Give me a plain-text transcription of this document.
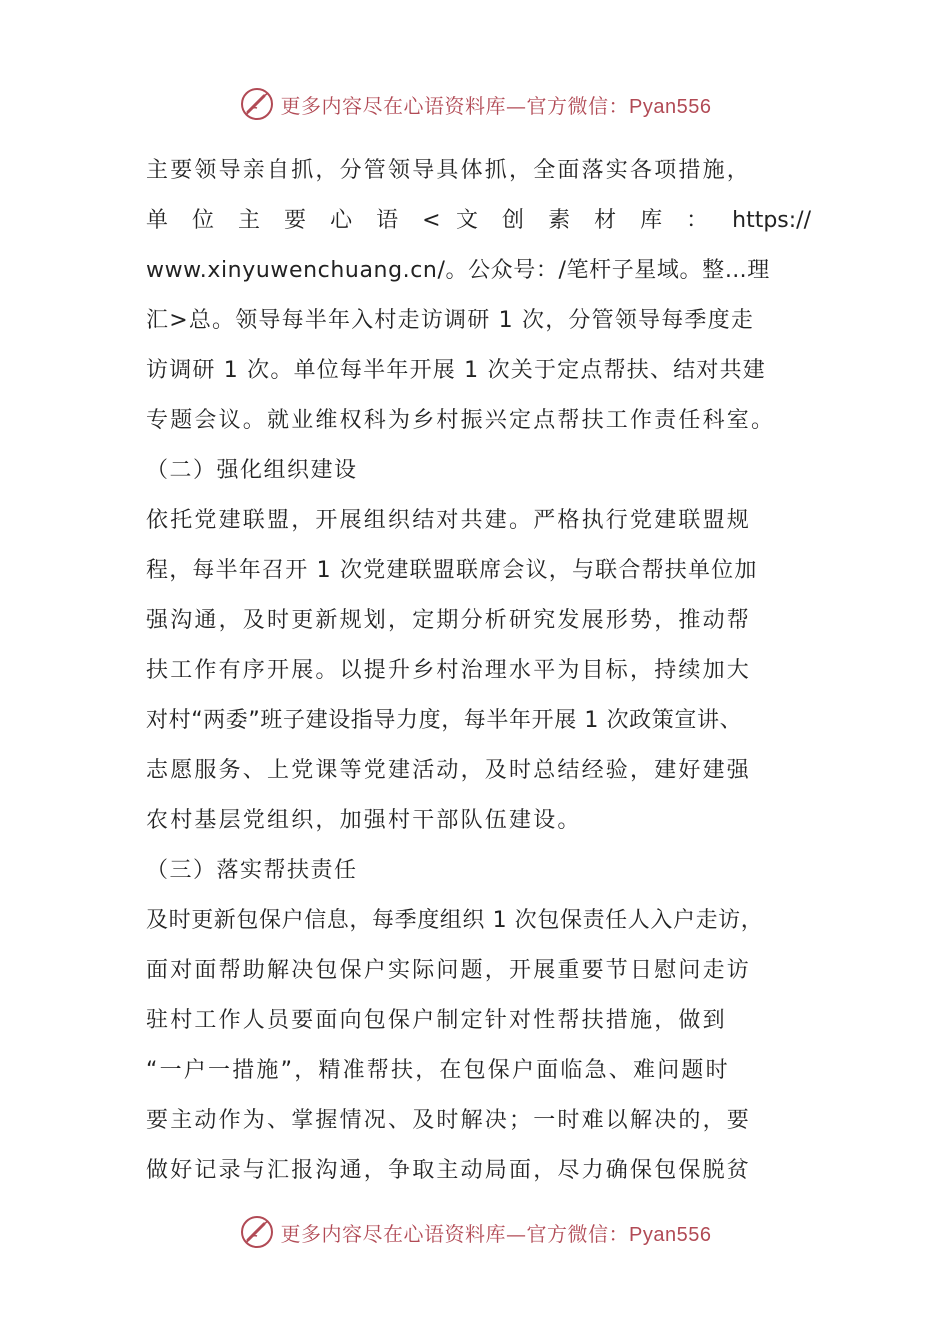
更多内容尽在心语资料库—官方微信：Pyan556
主要领导亲自抓，分管领导具体抓，全面落实各项措施，
单 位 主 要 心 语 < 文 创 素 材 库 ： https://
www.xinyuwenchuang.cn/。公众号：/笔杆子星域。整…理
汇>总。领导每半年入村走访调研 1 次，分管领导每季度走
访调研 1 次。单位每半年开展 1 次关于定点帮扶、结对共建
专题会议。就业维权科为乡村振兴定点帮扶工作责任科室。
（二）强化组织建设
依托党建联盟，开展组织结对共建。严格执行党建联盟规
程，每半年召开 1 次党建联盟联席会议，与联合帮扶单位加
强沟通，及时更新规划，定期分析研究发展形势，推动帮
扶工作有序开展。以提升乡村治理水平为目标，持续加大
对村“两委”班子建设指导力度，每半年开展 1 次政策宣讲、
志愿服务、上党课等党建活动，及时总结经验，建好建强
农村基层党组织，加强村干部队伍建设。
（三）落实帮扶责任
及时更新包保户信息，每季度组织 1 次包保责任人入户走访，
面对面帮助解决包保户实际问题，开展重要节日慰问走访
驻村工作人员要面向包保户制定针对性帮扶措施，做到
“一户一措施”，精准帮扶，在包保户面临急、难问题时
要主动作为、掌握情况、及时解决；一时难以解决的，要
做好记录与汇报沟通，争取主动局面，尽力确保包保脱贫
更多内容尽在心语资料库—官方微信：Pyan556
